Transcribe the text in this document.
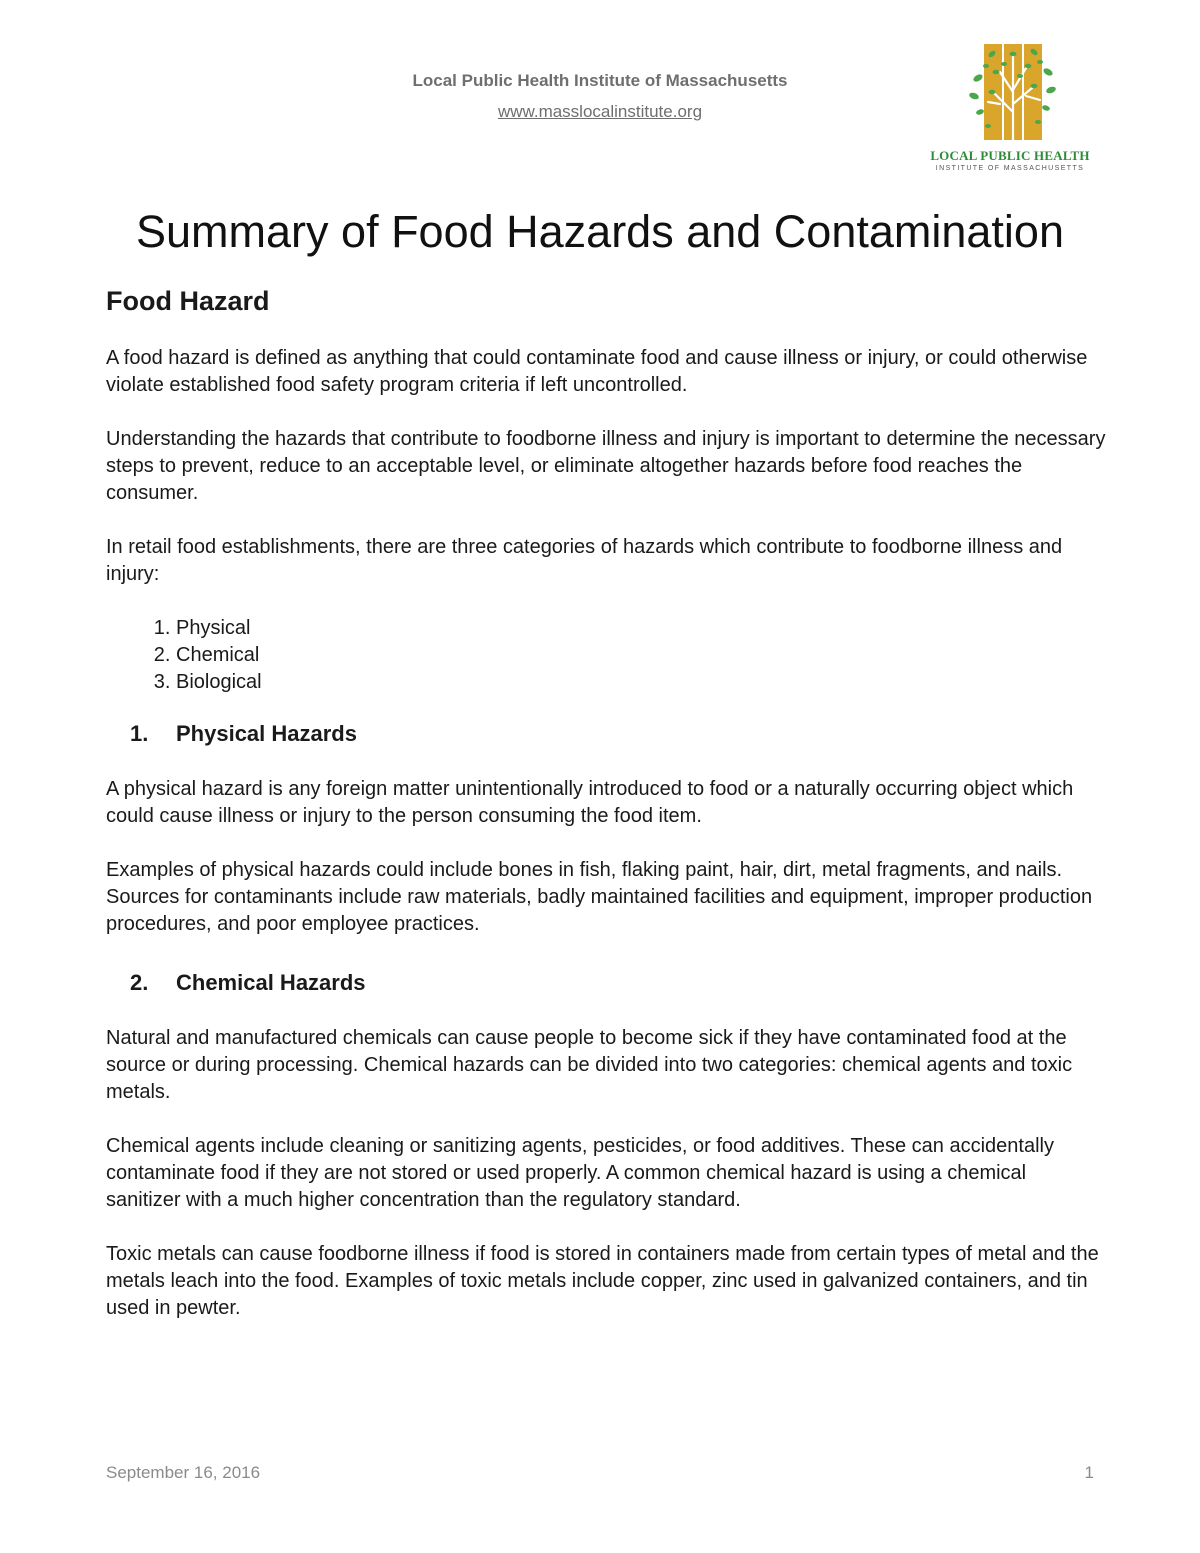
Local Public Health Institute of Massachusetts

www.masslocalinstitute.org
LOCAL PUBLIC HEALTH
INSTITUTE OF MASSACHUSETTS
Summary of Food Hazards and Contamination
Food Hazard

A food hazard is defined as anything that could contaminate food and cause illness or injury, or could otherwise violate established food safety program criteria if left uncontrolled.

Understanding the hazards that contribute to foodborne illness and injury is important to determine the necessary steps to prevent, reduce to an acceptable level, or eliminate altogether hazards before food reaches the consumer.

In retail food establishments, there are three categories of hazards which contribute to foodborne illness and injury:

1. Physical
2. Chemical
3. Biological
1. Physical Hazards

A physical hazard is any foreign matter unintentionally introduced to food or a naturally occurring object which could cause illness or injury to the person consuming the food item.

Examples of physical hazards could include bones in fish, flaking paint, hair, dirt, metal fragments, and nails. Sources for contaminants include raw materials, badly maintained facilities and equipment, improper production procedures, and poor employee practices.

2. Chemical Hazards

Natural and manufactured chemicals can cause people to become sick if they have contaminated food at the source or during processing. Chemical hazards can be divided into two categories: chemical agents and toxic metals.

Chemical agents include cleaning or sanitizing agents, pesticides, or food additives. These can accidentally contaminate food if they are not stored or used properly. A common chemical hazard is using a chemical sanitizer with a much higher concentration than the regulatory standard.

Toxic metals can cause foodborne illness if food is stored in containers made from certain types of metal and the metals leach into the food. Examples of toxic metals include copper, zinc used in galvanized containers, and tin used in pewter.

September 16, 2016	1
